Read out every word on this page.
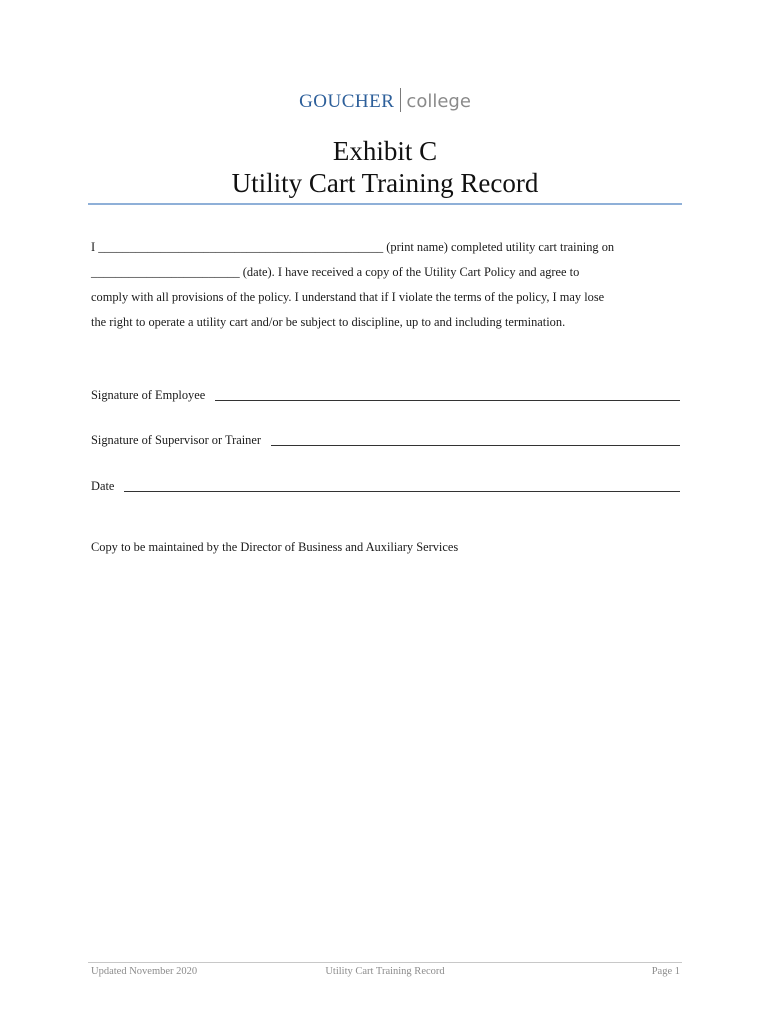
GOUCHER college
Exhibit C
Utility Cart Training Record

I ______________________________________________ (print name) completed utility cart training on
________________________ (date). I have received a copy of the Utility Cart Policy and agree to
comply with all provisions of the policy. I understand that if I violate the terms of the policy, I may lose
the right to operate a utility cart and/or be subject to discipline, up to and including termination.

Signature of Employee
Signature of Supervisor or Trainer
Date
Copy to be maintained by the Director of Business and Auxiliary Services
Updated November 2020	Utility Cart Training Record	Page 1
